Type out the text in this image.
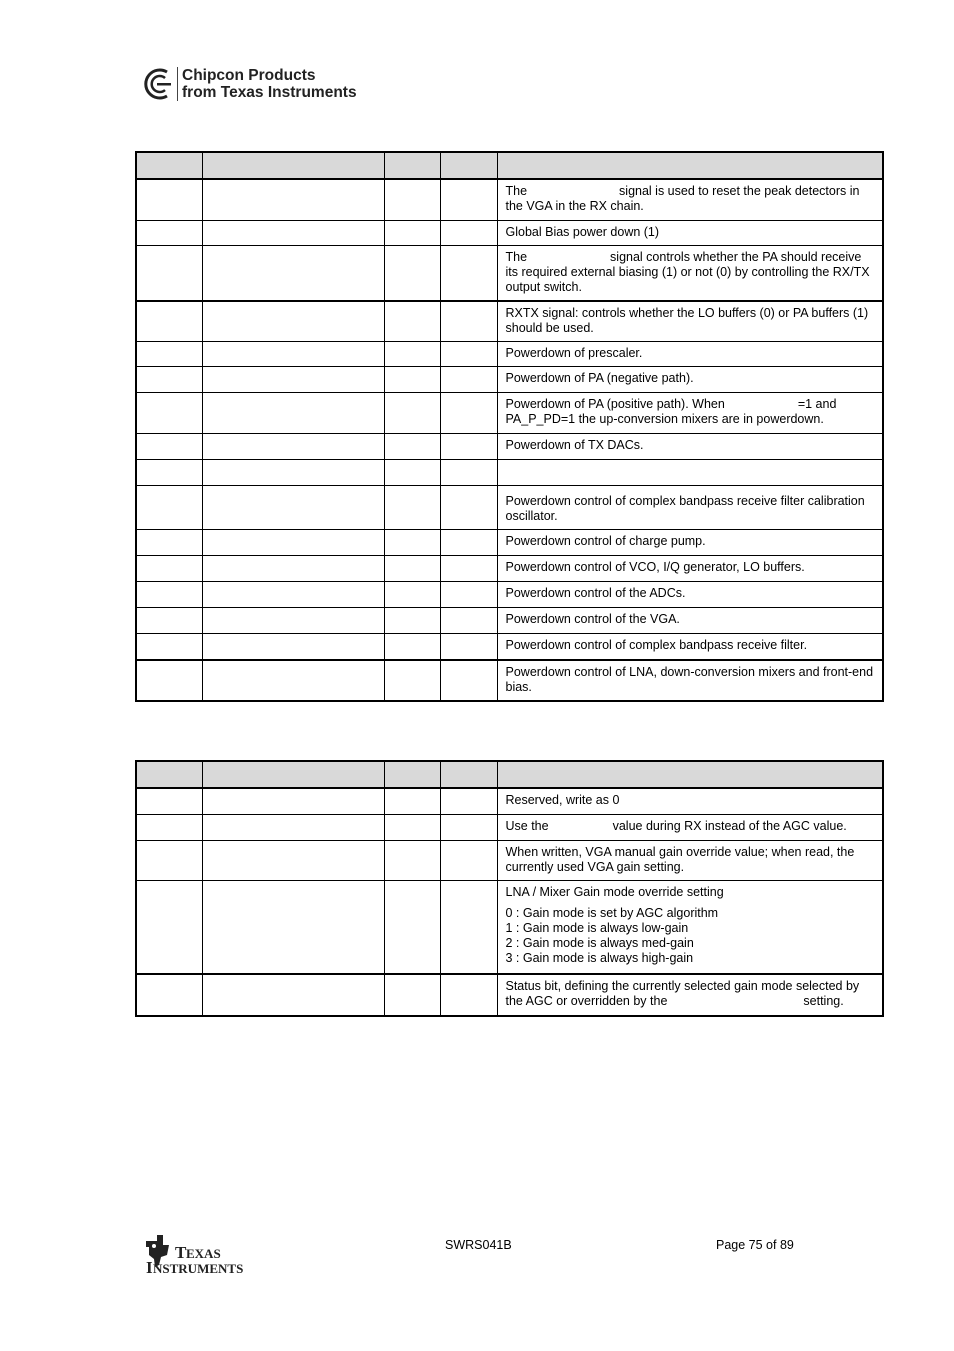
Chipcon Products
from Texas Instruments

				The signal is used to reset the peak detectors in the VGA in the RX chain.
				Global Bias power down (1)
				The signal controls whether the PA should receive its required external biasing (1) or not (0) by controlling the RX/TX output switch.
				RXTX signal: controls whether the LO buffers (0) or PA buffers (1) should be used.
				Powerdown of prescaler.
				Powerdown of PA (negative path).
				Powerdown of PA (positive path). When =1 and PA_P_PD=1 the up-conversion mixers are in powerdown.
				Powerdown of TX DACs.

				Powerdown control of complex bandpass receive filter calibration oscillator.
				Powerdown control of charge pump.
				Powerdown control of VCO, I/Q generator, LO buffers.
				Powerdown control of the ADCs.
				Powerdown control of the VGA.
				Powerdown control of complex bandpass receive filter.
				Powerdown control of LNA, down-conversion mixers and front-end bias.

				Reserved, write as 0
				Use the value during RX instead of the AGC value.
				When written, VGA manual gain override value; when read, the currently used VGA gain setting.

				LNA / Mixer Gain mode override setting

0 : Gain mode is set by AGC algorithm
1 : Gain mode is always low-gain
2 : Gain mode is always med-gain
3 : Gain mode is always high-gain

				Status bit, defining the currently selected gain mode selected by the AGC or overridden by the setting.
T EXAS
I NSTRUMENTS
SWRS041B	Page 75 of 89
